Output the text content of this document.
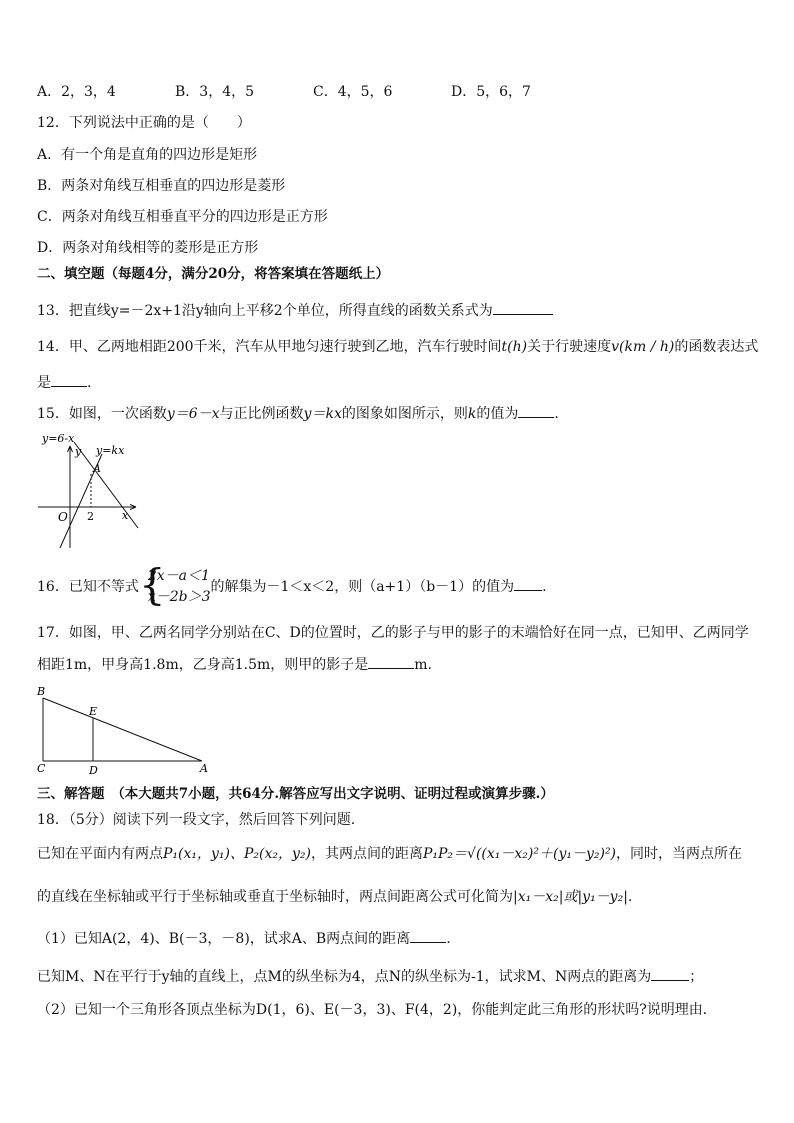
A．2，3，4	B．3，4，5	C．4，5，6	D．5，6，7
12．下列说法中正确的是（　　）
A．有一个角是直角的四边形是矩形
B．两条对角线互相垂直的四边形是菱形
C．两条对角线互相垂直平分的四边形是正方形
D．两条对角线相等的菱形是正方形
二、填空题（每题4分，满分20分，将答案填在答题纸上）
13．把直线y=－2x+1沿y轴向上平移2个单位，所得直线的函数关系式为
14．甲、乙两地相距200千米，汽车从甲地匀速行驶到乙地，汽车行驶时间t(h)关于行驶速度v(km / h)的函数表达式
是	.
15．如图，一次函数y＝6－x与正比例函数y＝kx的图象如图所示，则k的值为	.
y=6-x
y=kx
y
x
O 2
A
16．已知不等式 {
2x－a＜1
x－2b＞3
的解集为－1＜x＜2，则（a+1）（b－1）的值为 .
17．如图，甲、乙两名同学分别站在C、D的位置时，乙的影子与甲的影子的末端恰好在同一点，已知甲、乙两同学
相距1m，甲身高1.8m，乙身高1.5m，则甲的影子是	m.
B
E
C	D	A
三、解答题　（本大题共7小题，共64分.解答应写出文字说明、证明过程或演算步骤.）
18．（5分）阅读下列一段文字，然后回答下列问题．
已知在平面内有两点P₁(x₁，y₁)、P₂(x₂，y₂)，其两点间的距离P₁P₂＝√((x₁－x₂)²＋(y₁－y₂)²)，同时，当两点所在
的直线在坐标轴或平行于坐标轴或垂直于坐标轴时，两点间距离公式可化简为|x₁－x₂|或|y₁－y₂|．
（1）已知A(2，4)、B(－3，－8)，试求A、B两点间的距离	.
已知M、N在平行于y轴的直线上，点M的纵坐标为4，点N的纵坐标为-1，试求M、N两点的距离为	；
（2）已知一个三角形各顶点坐标为D(1，6)、E(－3，3)、F(4，2)，你能判定此三角形的形状吗?说明理由．
